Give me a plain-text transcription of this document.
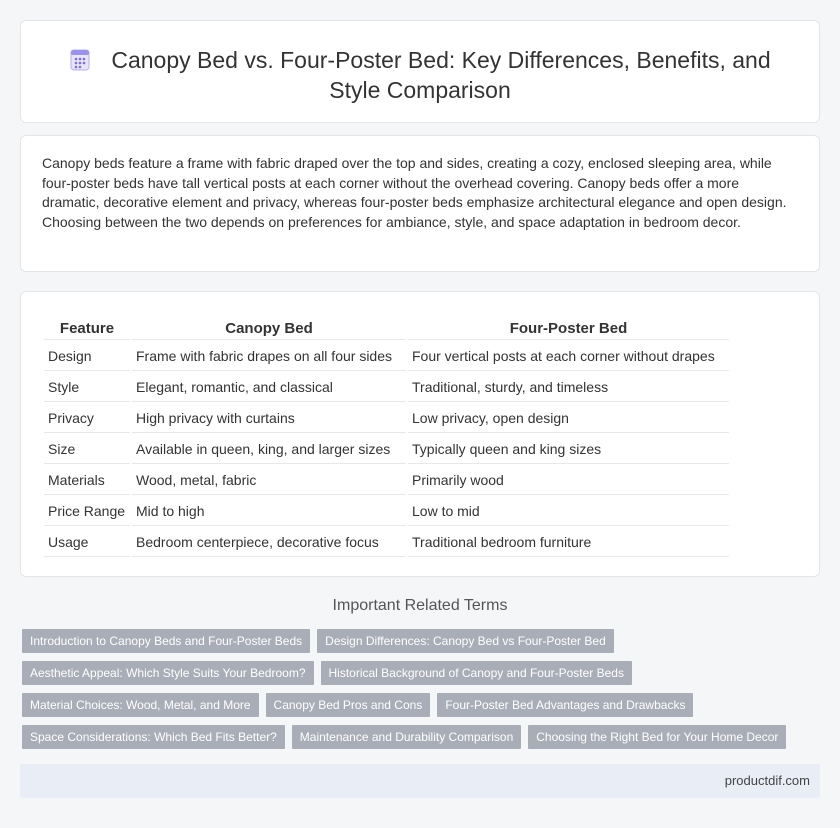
Canopy Bed vs. Four-Poster Bed: Key Differences, Benefits, and Style Comparison

Canopy beds feature a frame with fabric draped over the top and sides, creating a cozy, enclosed sleeping area, while four-poster beds have tall vertical posts at each corner without the overhead covering. Canopy beds offer a more dramatic, decorative element and privacy, whereas four-poster beds emphasize architectural elegance and open design. Choosing between the two depends on preferences for ambiance, style, and space adaptation in bedroom decor.

Feature	Canopy Bed	Four-Poster Bed
Design	Frame with fabric drapes on all four sides	Four vertical posts at each corner without drapes
Style	Elegant, romantic, and classical	Traditional, sturdy, and timeless
Privacy	High privacy with curtains	Low privacy, open design
Size	Available in queen, king, and larger sizes	Typically queen and king sizes
Materials	Wood, metal, fabric	Primarily wood
Price Range	Mid to high	Low to mid
Usage	Bedroom centerpiece, decorative focus	Traditional bedroom furniture
Important Related Terms
Introduction to Canopy Beds and Four-Poster Beds	Design Differences: Canopy Bed vs Four-Poster Bed
Aesthetic Appeal: Which Style Suits Your Bedroom?	Historical Background of Canopy and Four-Poster Beds
Material Choices: Wood, Metal, and More	Canopy Bed Pros and Cons	Four-Poster Bed Advantages and Drawbacks
Space Considerations: Which Bed Fits Better?	Maintenance and Durability Comparison	Choosing the Right Bed for Your Home Decor
productdif.com
